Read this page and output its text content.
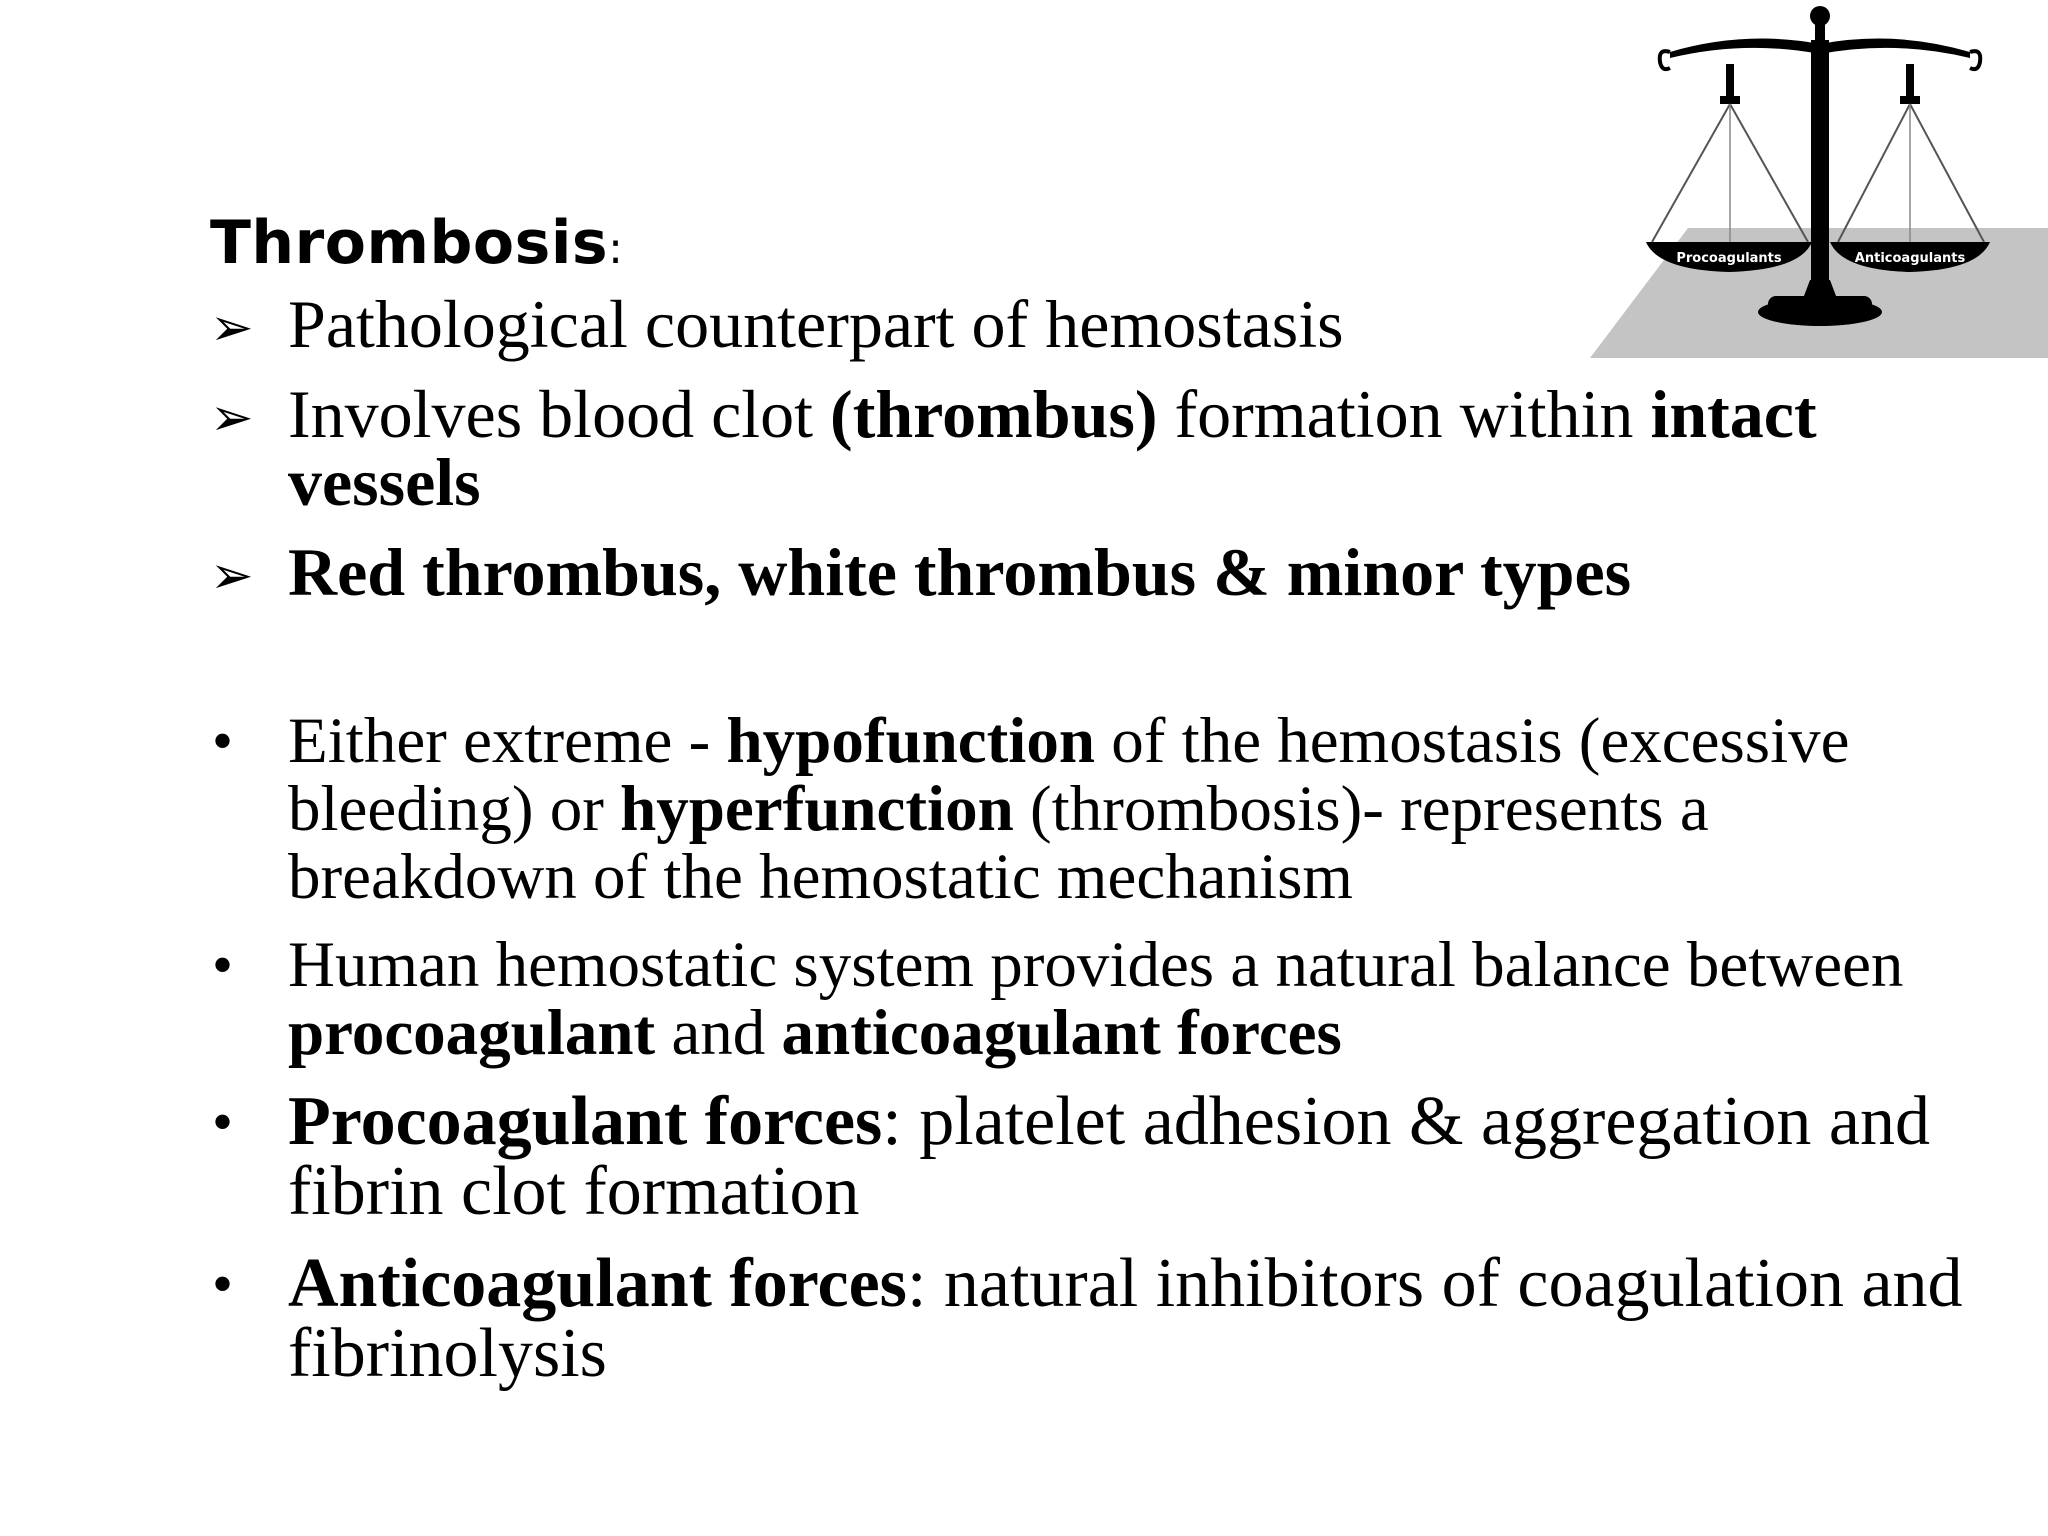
Thrombosis:
➢ Pathological counterpart of hemostasis
➢ Involves blood clot (thrombus) formation within intact vessels
➢ Red thrombus, white thrombus & minor types
• Either extreme - hypofunction of the hemostasis (excessive bleeding) or hyperfunction (thrombosis)- represents a breakdown of the hemostatic mechanism
• Human hemostatic system provides a natural balance between procoagulant and anticoagulant forces
• Procoagulant forces: platelet adhesion & aggregation and fibrin clot formation
• Anticoagulant forces: natural inhibitors of coagulation and fibrinolysis
Procoagulants	Anticoagulants
